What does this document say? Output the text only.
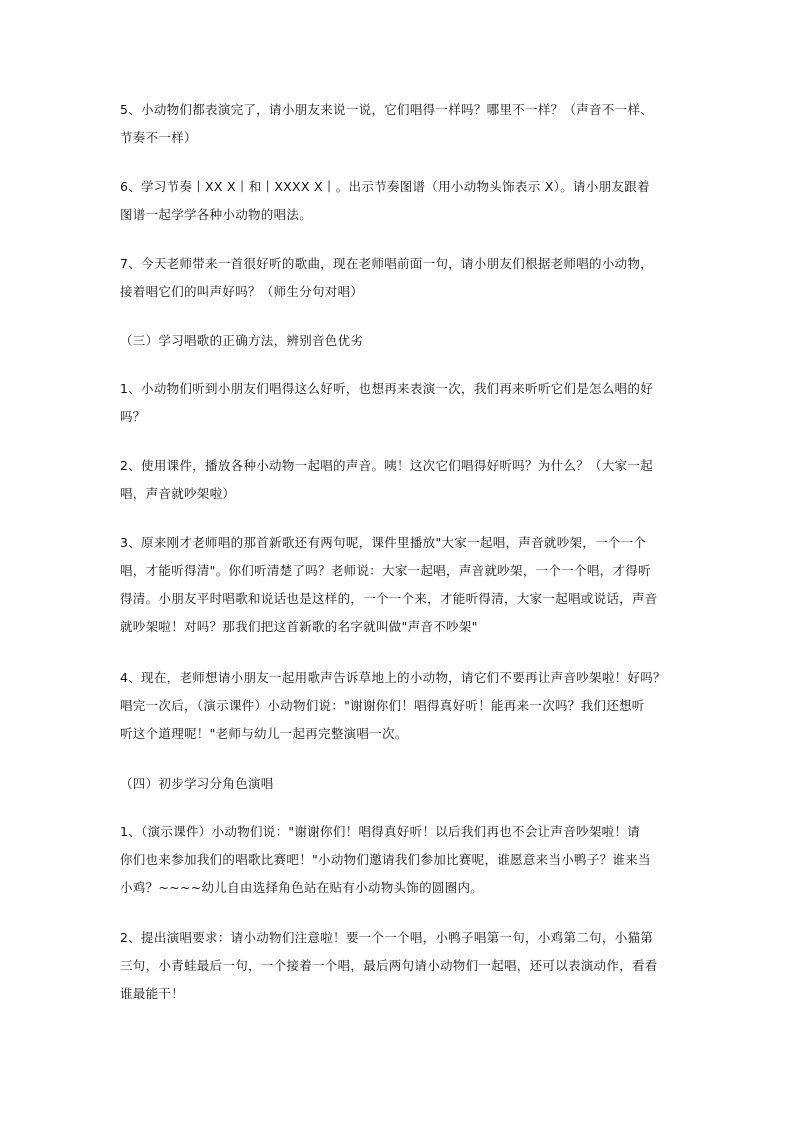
5、小动物们都表演完了，请小朋友来说一说，它们唱得一样吗？哪里不一样？（声音不一样、
节奏不一样）
6、学习节奏丨XX X丨和丨XXXX X丨。出示节奏图谱（用小动物头饰表示 X）。请小朋友跟着
图谱一起学学各种小动物的唱法。
7、今天老师带来一首很好听的歌曲，现在老师唱前面一句，请小朋友们根据老师唱的小动物，
接着唱它们的叫声好吗？（师生分句对唱）
（三）学习唱歌的正确方法，辨别音色优劣
1、小动物们听到小朋友们唱得这么好听，也想再来表演一次，我们再来听听它们是怎么唱的好
吗？
2、使用课件，播放各种小动物一起唱的声音。咦！这次它们唱得好听吗？为什么？（大家一起
唱，声音就吵架啦）
3、原来刚才老师唱的那首新歌还有两句呢，课件里播放"大家一起唱，声音就吵架，一个一个
唱，才能听得清"。你们听清楚了吗？老师说：大家一起唱，声音就吵架，一个一个唱，才得听
得清。小朋友平时唱歌和说话也是这样的，一个一个来，才能听得清，大家一起唱或说话，声音
就吵架啦！对吗？那我们把这首新歌的名字就叫做"声音不吵架"
4、现在，老师想请小朋友一起用歌声告诉草地上的小动物，请它们不要再让声音吵架啦！好吗？
唱完一次后，（演示课件）小动物们说："谢谢你们！唱得真好听！能再来一次吗？我们还想听
听这个道理呢！"老师与幼儿一起再完整演唱一次。
（四）初步学习分角色演唱
1、（演示课件）小动物们说："谢谢你们！唱得真好听！以后我们再也不会让声音吵架啦！请
你们也来参加我们的唱歌比赛吧！"小动物们邀请我们参加比赛呢，谁愿意来当小鸭子？谁来当
小鸡？~~~~幼儿自由选择角色站在贴有小动物头饰的圆圈内。
2、提出演唱要求：请小动物们注意啦！要一个一个唱，小鸭子唱第一句，小鸡第二句，小猫第
三句，小青蛙最后一句，一个接着一个唱，最后两句请小动物们一起唱，还可以表演动作，看看
谁最能干！
